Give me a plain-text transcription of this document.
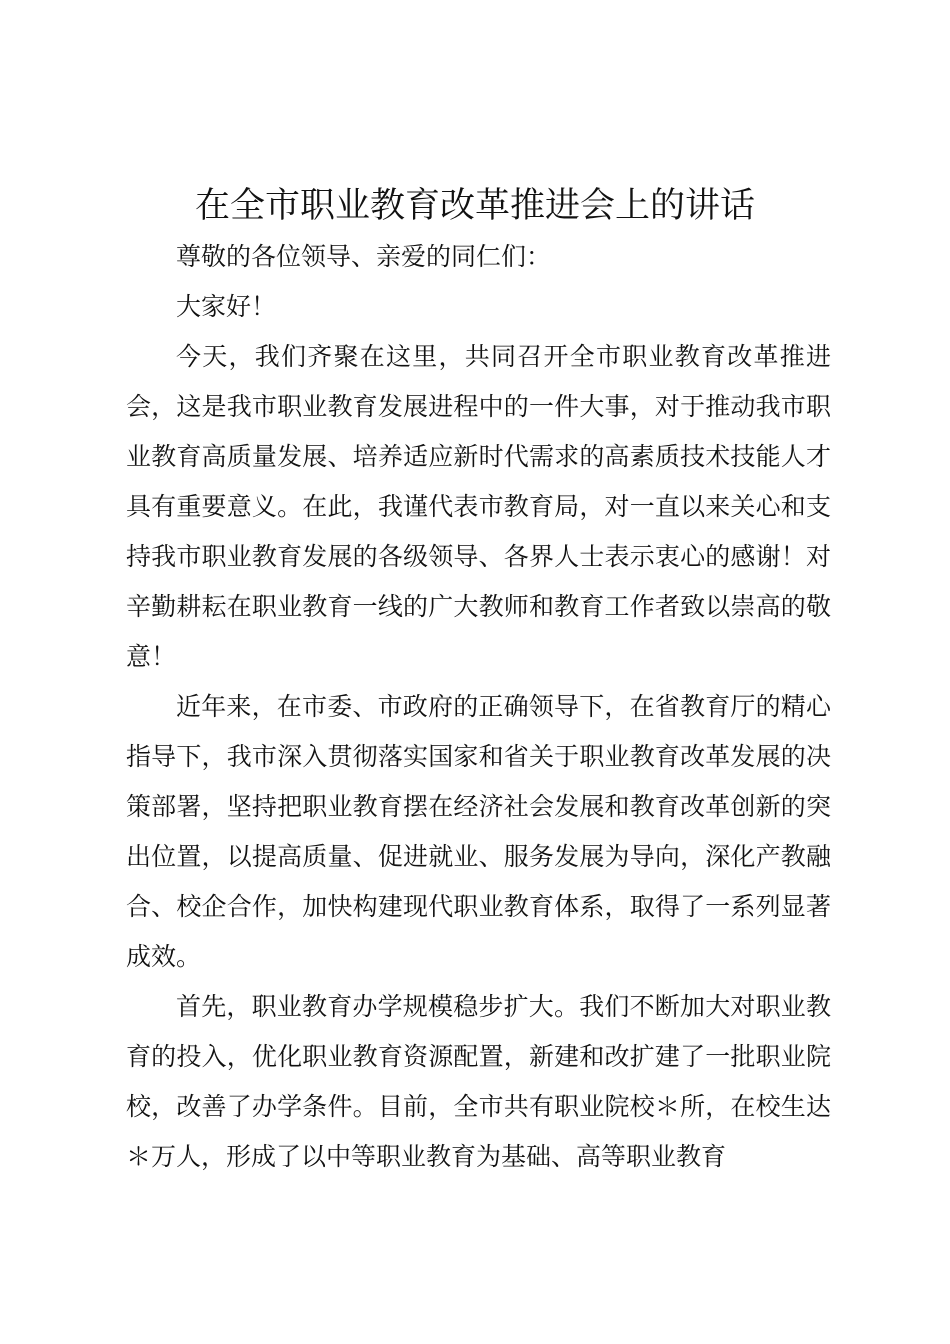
在全市职业教育改革推进会上的讲话

尊敬的各位领导、亲爱的同仁们：

大家好！

今天，我们齐聚在这里，共同召开全市职业教育改革推进会，这是我市职业教育发展进程中的一件大事，对于推动我市职业教育高质量发展、培养适应新时代需求的高素质技术技能人才具有重要意义。在此，我谨代表市教育局，对一直以来关心和支持我市职业教育发展的各级领导、各界人士表示衷心的感谢！对辛勤耕耘在职业教育一线的广大教师和教育工作者致以崇高的敬意！

近年来，在市委、市政府的正确领导下，在省教育厅的精心指导下，我市深入贯彻落实国家和省关于职业教育改革发展的决策部署，坚持把职业教育摆在经济社会发展和教育改革创新的突出位置，以提高质量、促进就业、服务发展为导向，深化产教融合、校企合作，加快构建现代职业教育体系，取得了一系列显著成效。

首先，职业教育办学规模稳步扩大。我们不断加大对职业教育的投入，优化职业教育资源配置，新建和改扩建了一批职业院校，改善了办学条件。目前，全市共有职业院校＊所，在校生达＊万人，形成了以中等职业教育为基础、高等职业教育
